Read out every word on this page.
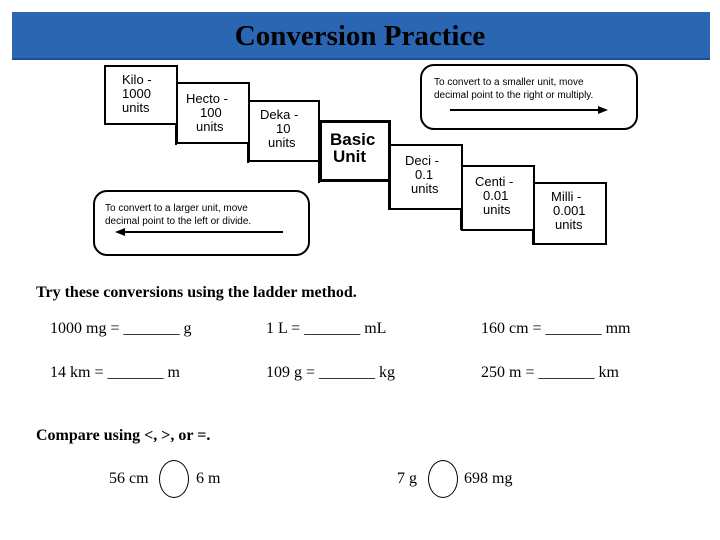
Conversion Practice
Kilo -
1000
units
Hecto -
100
units
Deka -
10
units	Basic
Unit	Deci -
0.1
units	Centi -
0.01
units
Milli -
0.001
units
To convert to a smaller unit, move
decimal point to the right or multiply.
To convert to a larger unit, move
decimal point to the left or divide.
Try these conversions using the ladder method.
1000 mg = _______ g	1 L = _______ mL	160 cm = _______ mm
14 km = _______ m	109 g = _______ kg	250 m = _______ km
Compare using <, >, or =.
56 cm	6 m	7 g	698 mg
